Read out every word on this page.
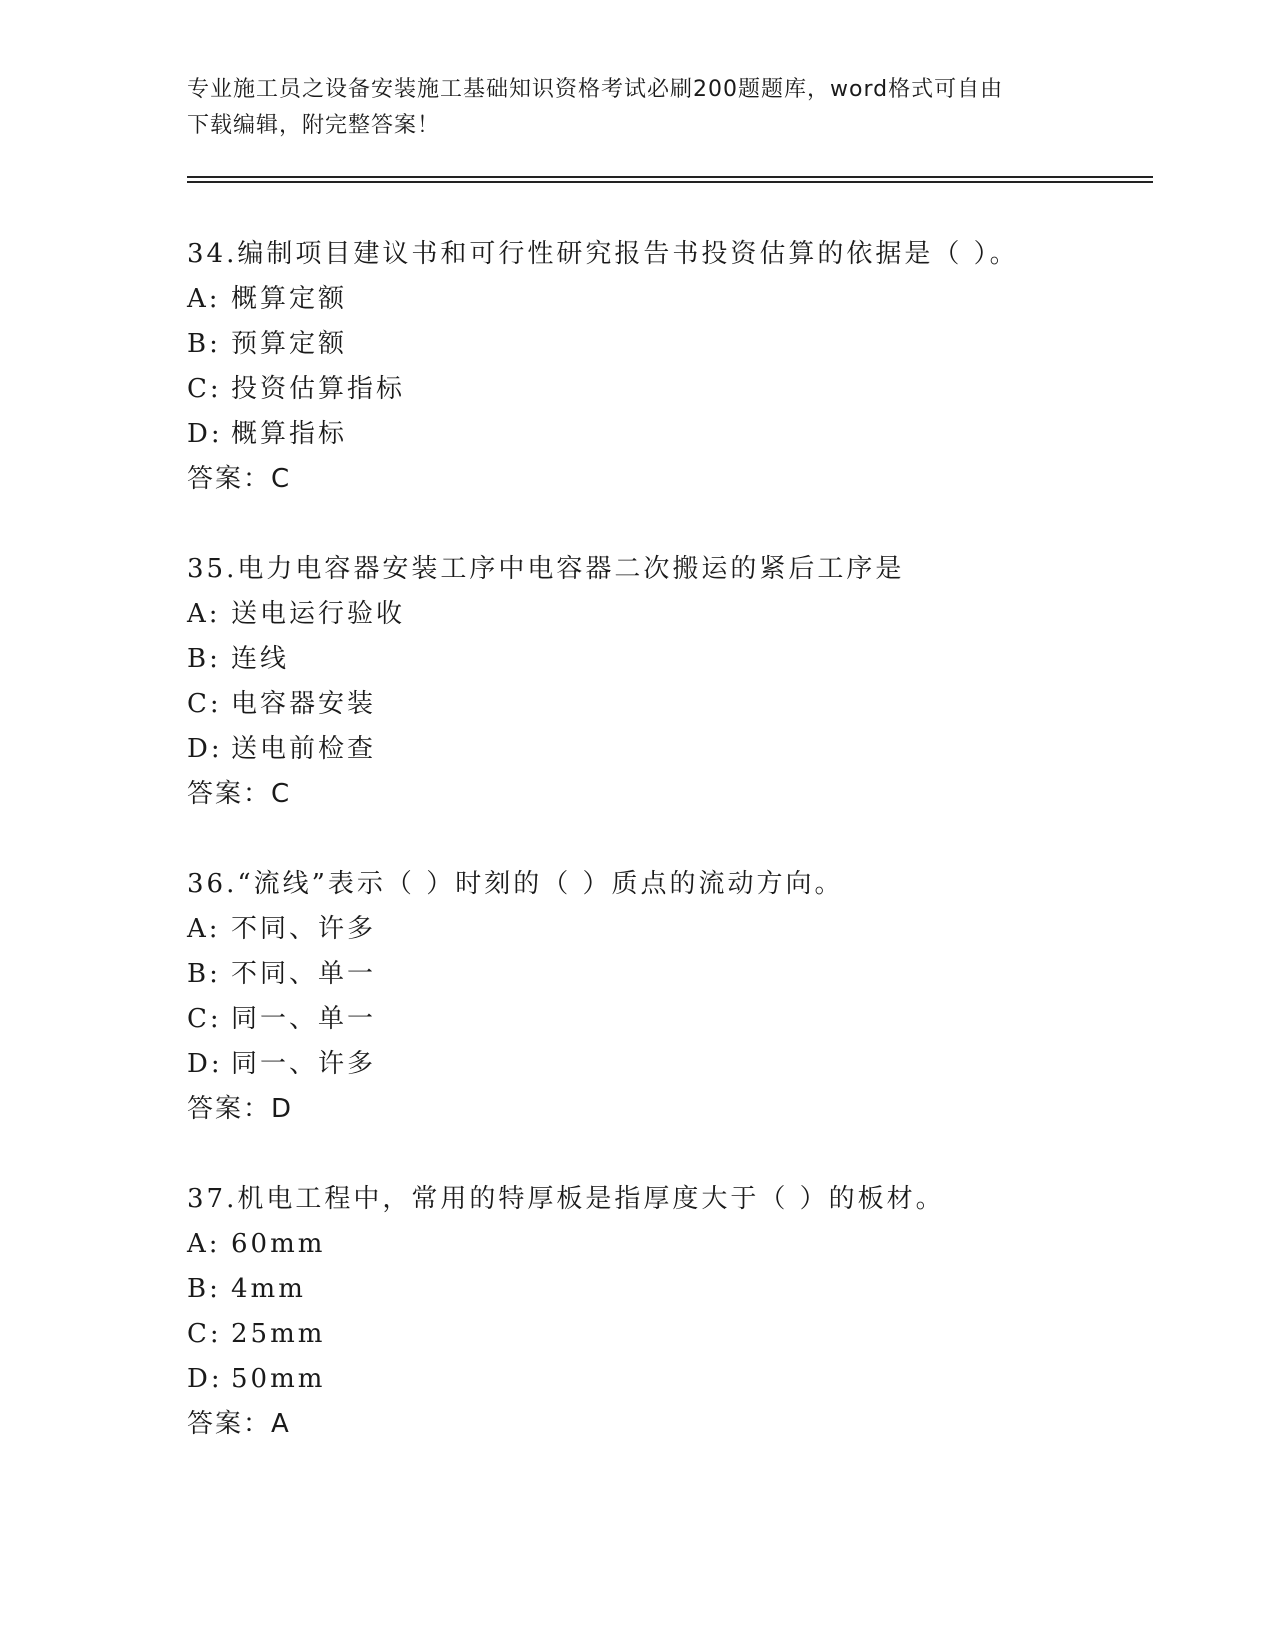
专业施工员之设备安装施工基础知识资格考试必刷200题题库，word格式可自由
下载编辑，附完整答案！
34.编制项目建议书和可行性研究报告书投资估算的依据是（ ）。
A: 概算定额
B: 预算定额
C: 投资估算指标
D: 概算指标
答案：C
35.电力电容器安装工序中电容器二次搬运的紧后工序是
A: 送电运行验收
B: 连线
C: 电容器安装
D: 送电前检查
答案：C
36.“流线”表示（ ）时刻的（ ）质点的流动方向。
A: 不同、许多
B: 不同、单一
C: 同一、单一
D: 同一、许多
答案：D
37.机电工程中，常用的特厚板是指厚度大于（ ）的板材。
A: 60mm
B: 4mm
C: 25mm
D: 50mm
答案：A
